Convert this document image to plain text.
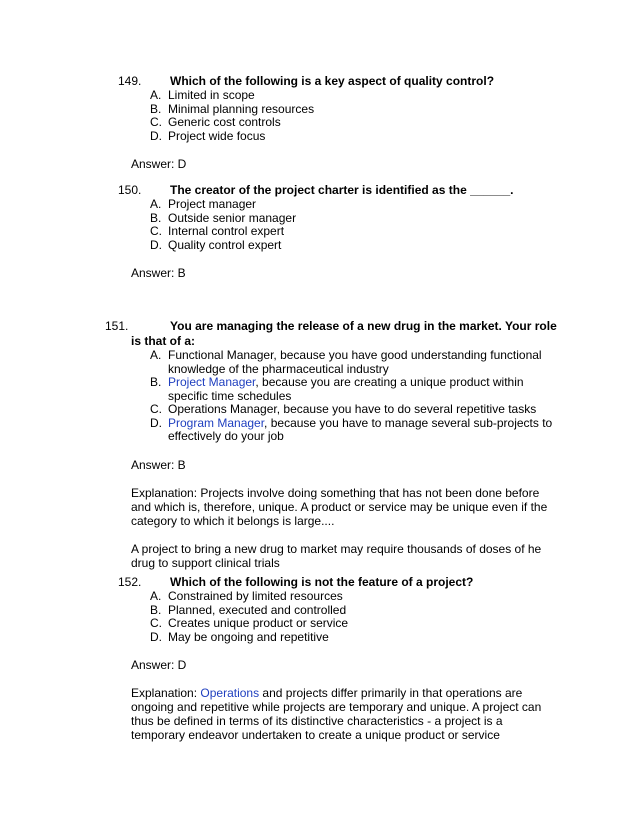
149. Which of the following is a key aspect of quality control?
A. Limited in scope
B. Minimal planning resources
C. Generic cost controls
D. Project wide focus
Answer: D
150. The creator of the project charter is identified as the ______.
A. Project manager
B. Outside senior manager
C. Internal control expert
D. Quality control expert
Answer: B
151.	You are managing the release of a new drug in the market. Your role is that of a:
A. Functional Manager, because you have good understanding functional knowledge of the pharmaceutical industry
B. Project Manager, because you are creating a unique product within specific time schedules
C. Operations Manager, because you have to do several repetitive tasks
D. Program Manager, because you have to manage several sub-projects to effectively do your job
Answer: B
Explanation: Projects involve doing something that has not been done before and which is, therefore, unique. A product or service may be unique even if the category to which it belongs is large....
A project to bring a new drug to market may require thousands of doses of he drug to support clinical trials
152. Which of the following is not the feature of a project?
A. Constrained by limited resources
B. Planned, executed and controlled
C. Creates unique product or service
D. May be ongoing and repetitive
Answer: D
Explanation: Operations and projects differ primarily in that operations are ongoing and repetitive while projects are temporary and unique. A project can thus be defined in terms of its distinctive characteristics - a project is a temporary endeavor undertaken to create a unique product or service
